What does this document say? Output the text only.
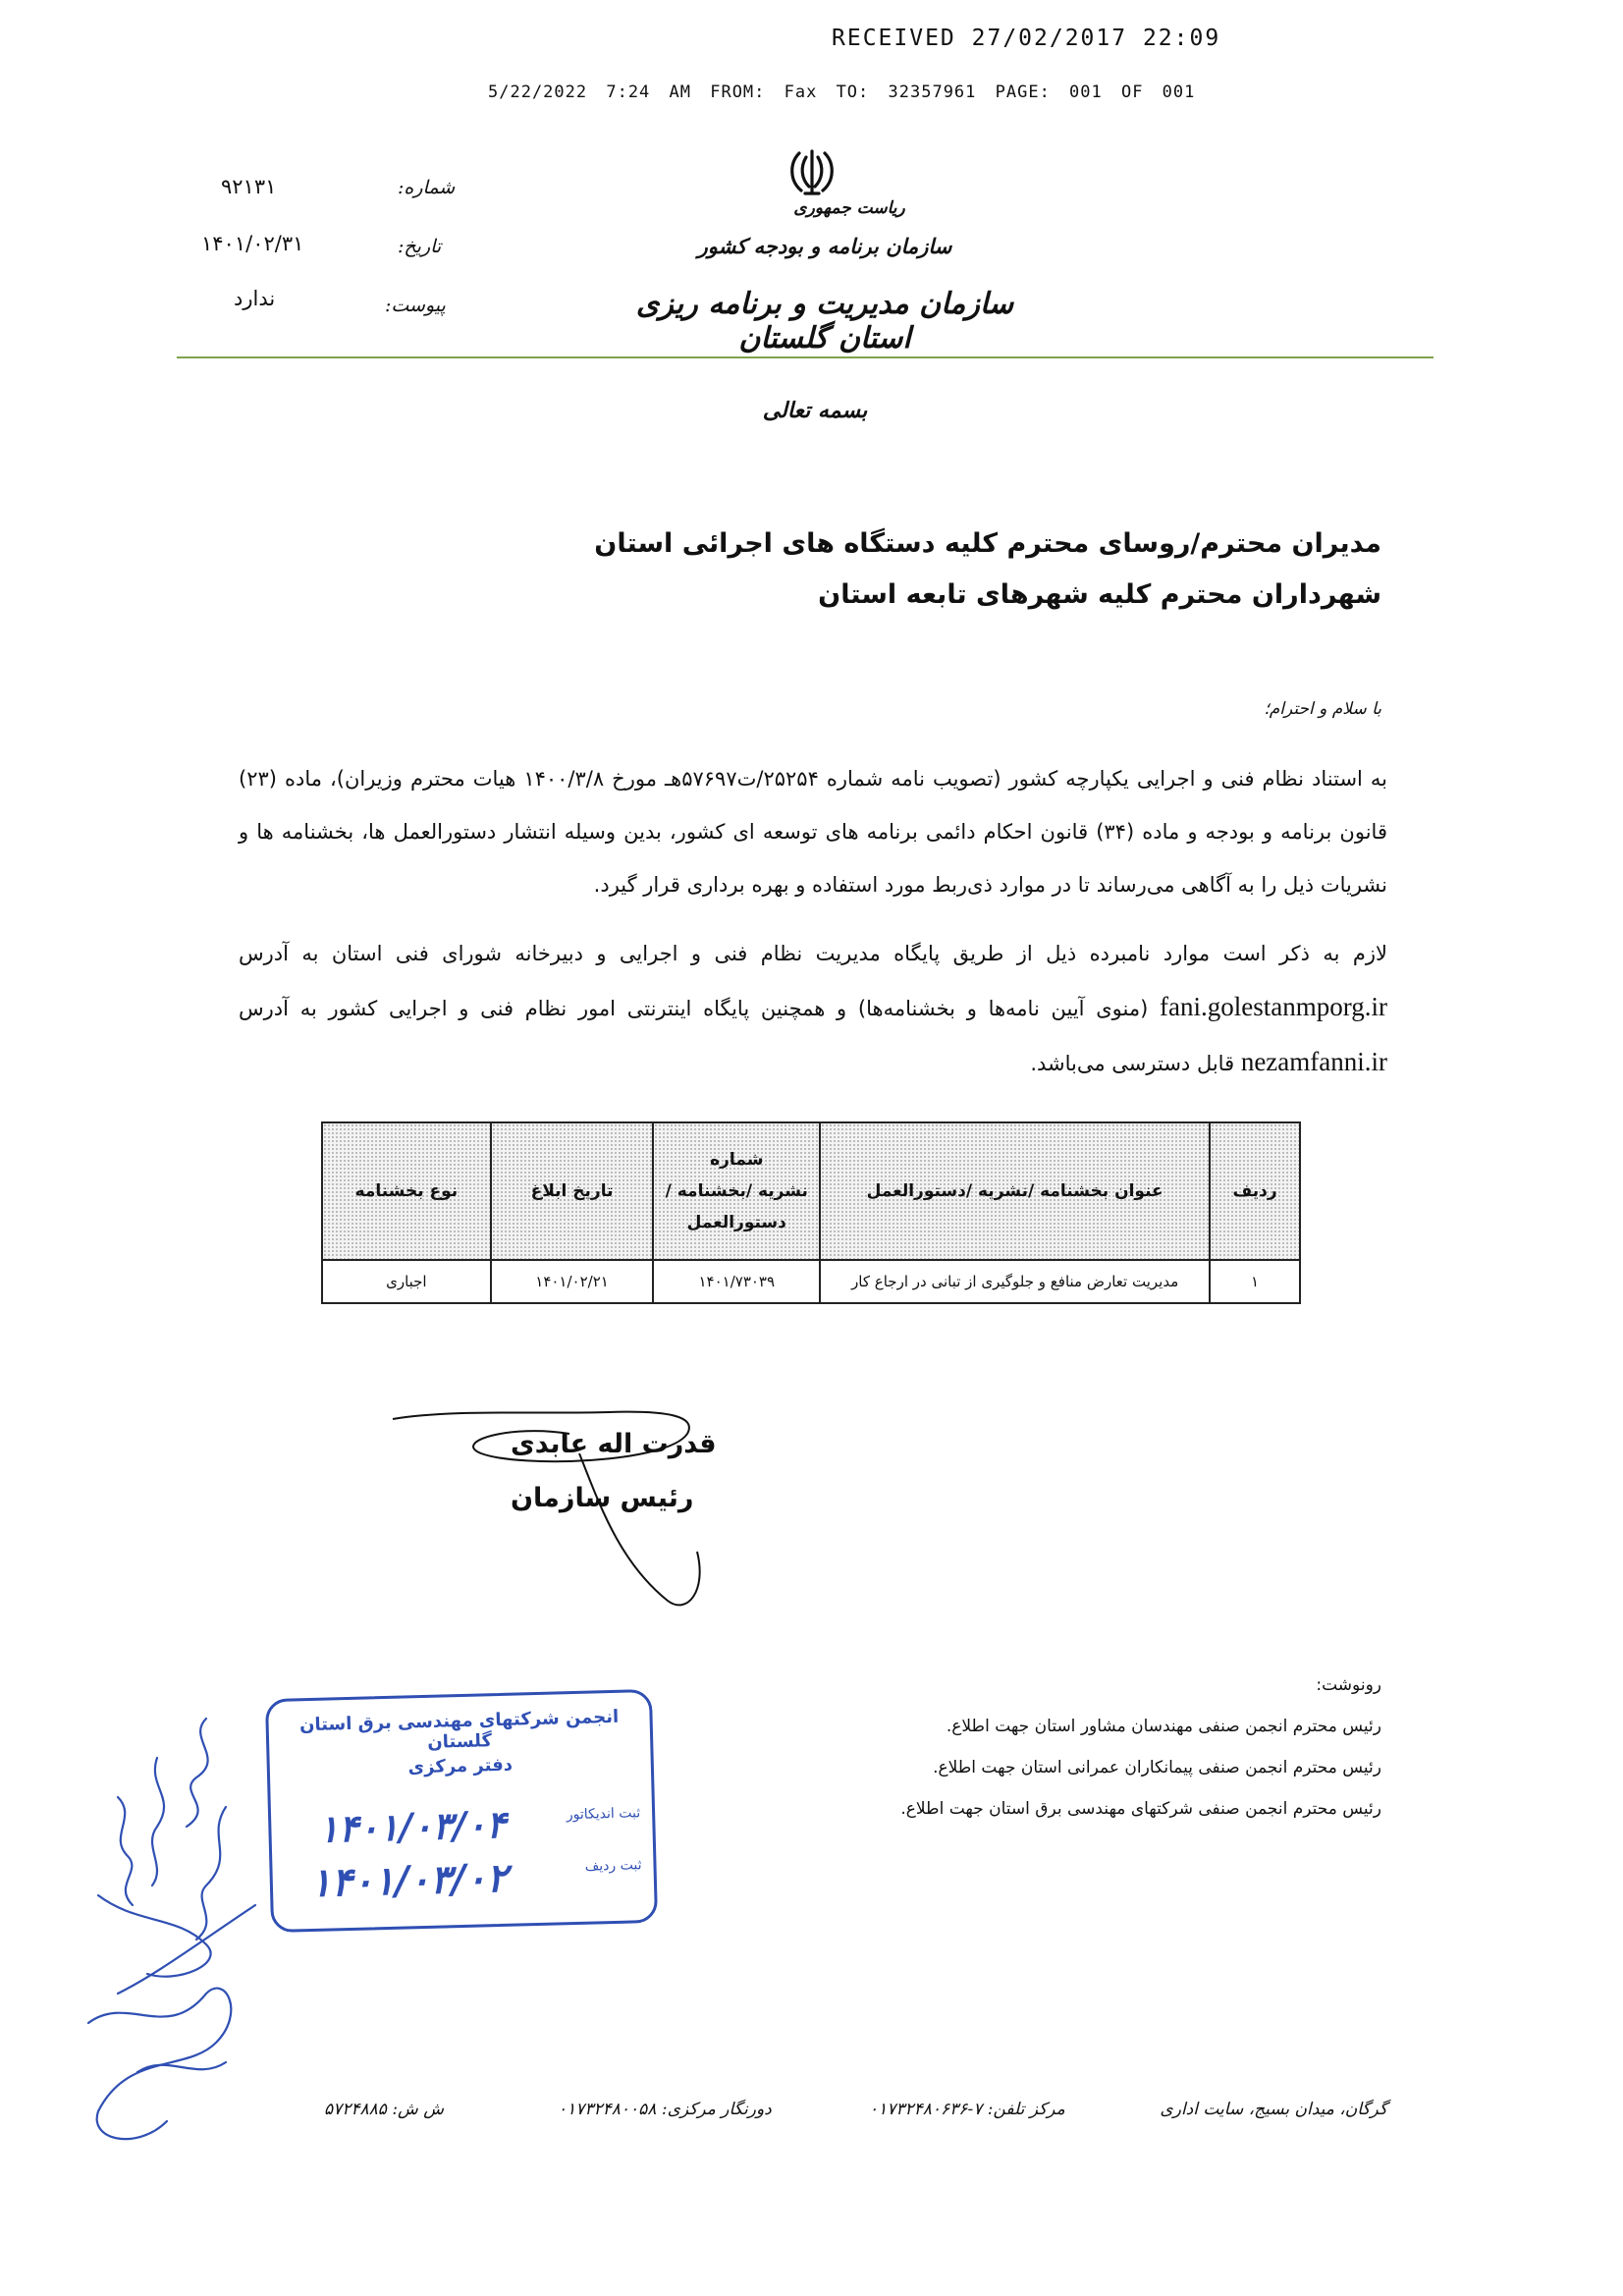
RECEIVED 27/02/2017 22:09
5/22/2022 7:24 AM FROM: Fax TO: 32357961 PAGE: 001 OF 001
شماره:
۹۲۱۳۱
تاریخ:
۱۴۰۱/۰۲/۳۱
پیوست:
ندارد
ریاست جمهوری
سازمان برنامه و بودجه کشور
سازمان مدیریت و برنامه ریزی استان گلستان
بسمه تعالی
مدیران محترم/روسای محترم کلیه دستگاه های اجرائی استان
شهرداران محترم کلیه شهرهای تابعه استان
با سلام و احترام؛
به استناد نظام فنی و اجرایی یکپارچه کشور (تصویب نامه شماره ۲۵۲۵۴/ت۵۷۶۹۷هـ مورخ ۱۴۰۰/۳/۸ هیات محترم وزیران)، ماده (۲۳) قانون برنامه و بودجه و ماده (۳۴) قانون احکام دائمی برنامه های توسعه ای کشور، بدین وسیله انتشار دستورالعمل ها، بخشنامه ها و نشریات ذیل را به آگاهی می‌رساند تا در موارد ذی‌ربط مورد استفاده و بهره برداری قرار گیرد.
لازم به ذکر است موارد نامبرده ذیل از طریق پایگاه مدیریت نظام فنی و اجرایی و دبیرخانه شورای فنی استان به آدرس fani.golestanmporg.ir (منوی آیین نامه‌ها و بخشنامه‌ها) و همچنین پایگاه اینترنتی امور نظام فنی و اجرایی کشور به آدرس nezamfanni.ir قابل دسترسی می‌باشد.
ردیف	عنوان بخشنامه /نشریه /دستورالعمل	شماره
نشریه /بخشنامه /
دستورالعمل	تاریخ ابلاغ	نوع بخشنامه
۱	مدیریت تعارض منافع و جلوگیری از تبانی در ارجاع کار	۱۴۰۱/۷۳۰۳۹	۱۴۰۱/۰۲/۲۱	اجباری
قدرت اله عابدی
رئیس سازمان
رونوشت:
رئیس محترم انجمن صنفی مهندسان مشاور استان جهت اطلاع.
رئیس محترم انجمن صنفی پیمانکاران عمرانی استان جهت اطلاع.
رئیس محترم انجمن صنفی شرکتهای مهندسی برق استان جهت اطلاع.
انجمن شرکتهای مهندسی برق استان گلستان
دفتر مرکزی
ثبت اندیکاتور
ثبت ردیف
۱۴۰۱/۰۳/۰۴
۱۴۰۱/۰۳/۰۲
گرگان، میدان بسیج، سایت اداری
مرکز تلفن: ۷-۰۱۷۳۲۴۸۰۶۳۶
دورنگار مرکزی: ۰۱۷۳۲۴۸۰۰۵۸
ش ش: ۵۷۲۴۸۸۵
